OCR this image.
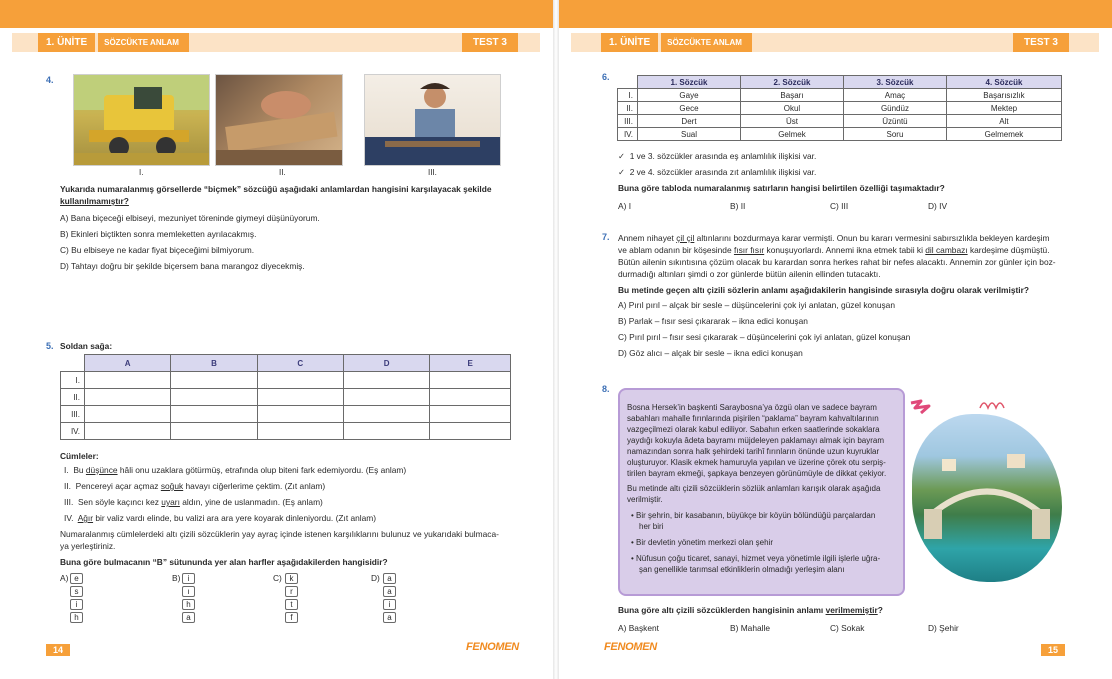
1. ÜNİTE	SÖZCÜKTE ANLAM	TEST 3
4.
I.	II.	III.
Yukarıda numaralanmış görsellerde “biçmek” sözcüğü aşağıdaki anlamlardan hangisini karşılayacak şekilde
kullanılmamıştır?
A) Bana biçeceği elbiseyi, mezuniyet töreninde giymeyi düşünüyorum.
B) Ekinleri biçtikten sonra memleketten ayrılacakmış.
C) Bu elbiseye ne kadar fiyat biçeceğimi bilmiyorum.
D) Tahtayı doğru bir şekilde biçersem bana marangoz diyecekmiş.
5. Soldan sağa:
	A	B	C	D	E
I.					
II.					
III.					
IV.					
Cümleler:
I. Bu düşünce hâli onu uzaklara götürmüş, etrafında olup biteni fark edemiyordu. (Eş anlam)
II. Pencereyi açar açmaz soğuk havayı ciğerlerime çektim. (Zıt anlam)
III. Sen söyle kaçıncı kez uyarı aldın, yine de uslanmadın. (Eş anlam)
IV. Ağır bir valiz vardı elinde, bu valizi ara ara yere koyarak dinleniyordu. (Zıt anlam)
Numaralanmış cümlelerdeki altı çizili sözcüklerin yay ayraç içinde istenen karşılıklarını bulunuz ve yukarıdaki bulmaca-
ya yerleştiriniz.
Buna göre bulmacanın “B” sütununda yer alan harfler aşağıdakilerden hangisidir?
A) e
s
i
h
B) i
ı
h
a
C) k
r
t
f
D) a
a
i
a
14	FENOMEN
1. ÜNİTE	SÖZCÜKTE ANLAM	TEST 3
6.
		1. Sözcük	2. Sözcük	3. Sözcük	4. Sözcük
I.	Gaye	Başarı	Amaç	Başarısızlık
II.	Gece	Okul	Gündüz	Mektep
III.	Dert	Üst	Üzüntü	Alt
IV.	Sual	Gelmek	Soru	Gelmemek
✓ 1 ve 3. sözcükler arasında eş anlamlılık ilişkisi var.
✓ 2 ve 4. sözcükler arasında zıt anlamlılık ilişkisi var.
Buna göre tabloda numaralanmış satırların hangisi belirtilen özelliği taşımaktadır?
A) I	B) II	C) III	D) IV
7. Annem nihayet çil çil altınlarını bozdurmaya karar vermişti. Onun bu kararı vermesini sabırsızlıkla bekleyen kardeşim
ve ablam odanın bir köşesinde fısır fısır konuşuyorlardı. Annemi ikna etmek tabii ki dil cambazı kardeşime düşmüştü.
Bütün ailenin sıkıntısına çözüm olacak bu karardan sonra herkes rahat bir nefes alacaktı. Annemin zor günler için boz-
durmadığı altınları şimdi o zor günlerde bütün ailenin ellinden tutacaktı.
Bu metinde geçen altı çizili sözlerin anlamı aşağıdakilerin hangisinde sırasıyla doğru olarak verilmiştir?
A) Pırıl pırıl – alçak bir sesle – düşüncelerini çok iyi anlatan, güzel konuşan
B) Parlak – fısır sesi çıkararak – ikna edici konuşan
C) Pırıl pırıl – fısır sesi çıkararak – düşüncelerini çok iyi anlatan, güzel konuşan
D) Göz alıcı – alçak bir sesle – ikna edici konuşan
8.
Bosna Hersek’in başkenti Saraybosna’ya özgü olan ve sadece bayram
sabahları mahalle fırınlarında pişirilen “paklama” bayram kahvaltılarının
vazgeçilmezi olarak kabul ediliyor. Sabahın erken saatlerinde sokaklara
yaydığı kokuyla âdeta bayramı müjdeleyen paklamayı almak için bayram
namazından sonra halk şehirdeki tarihî fırınların önünde uzun kuyruklar
oluşturuyor. Klasik ekmek hamuruyla yapılan ve üzerine çörek otu serpiş-
tirilen bayram ekmeği, şapkaya benzeyen görünümüyle de dikkat çekiyor.
Bu metinde altı çizili sözcüklerin sözlük anlamları karışık olarak aşağıda
verilmiştir.
• Bir şehrin, bir kasabanın, büyükçe bir köyün bölündüğü parçalardan
her biri
• Bir devletin yönetim merkezi olan şehir
• Nüfusun çoğu ticaret, sanayi, hizmet veya yönetimle ilgili işlerle uğra-
şan genellikle tarımsal etkinliklerin olmadığı yerleşim alanı
Buna göre altı çizili sözcüklerden hangisinin anlamı verilmemiştir?
A) Başkent	B) Mahalle	C) Sokak	D) Şehir
15
FENOMEN
